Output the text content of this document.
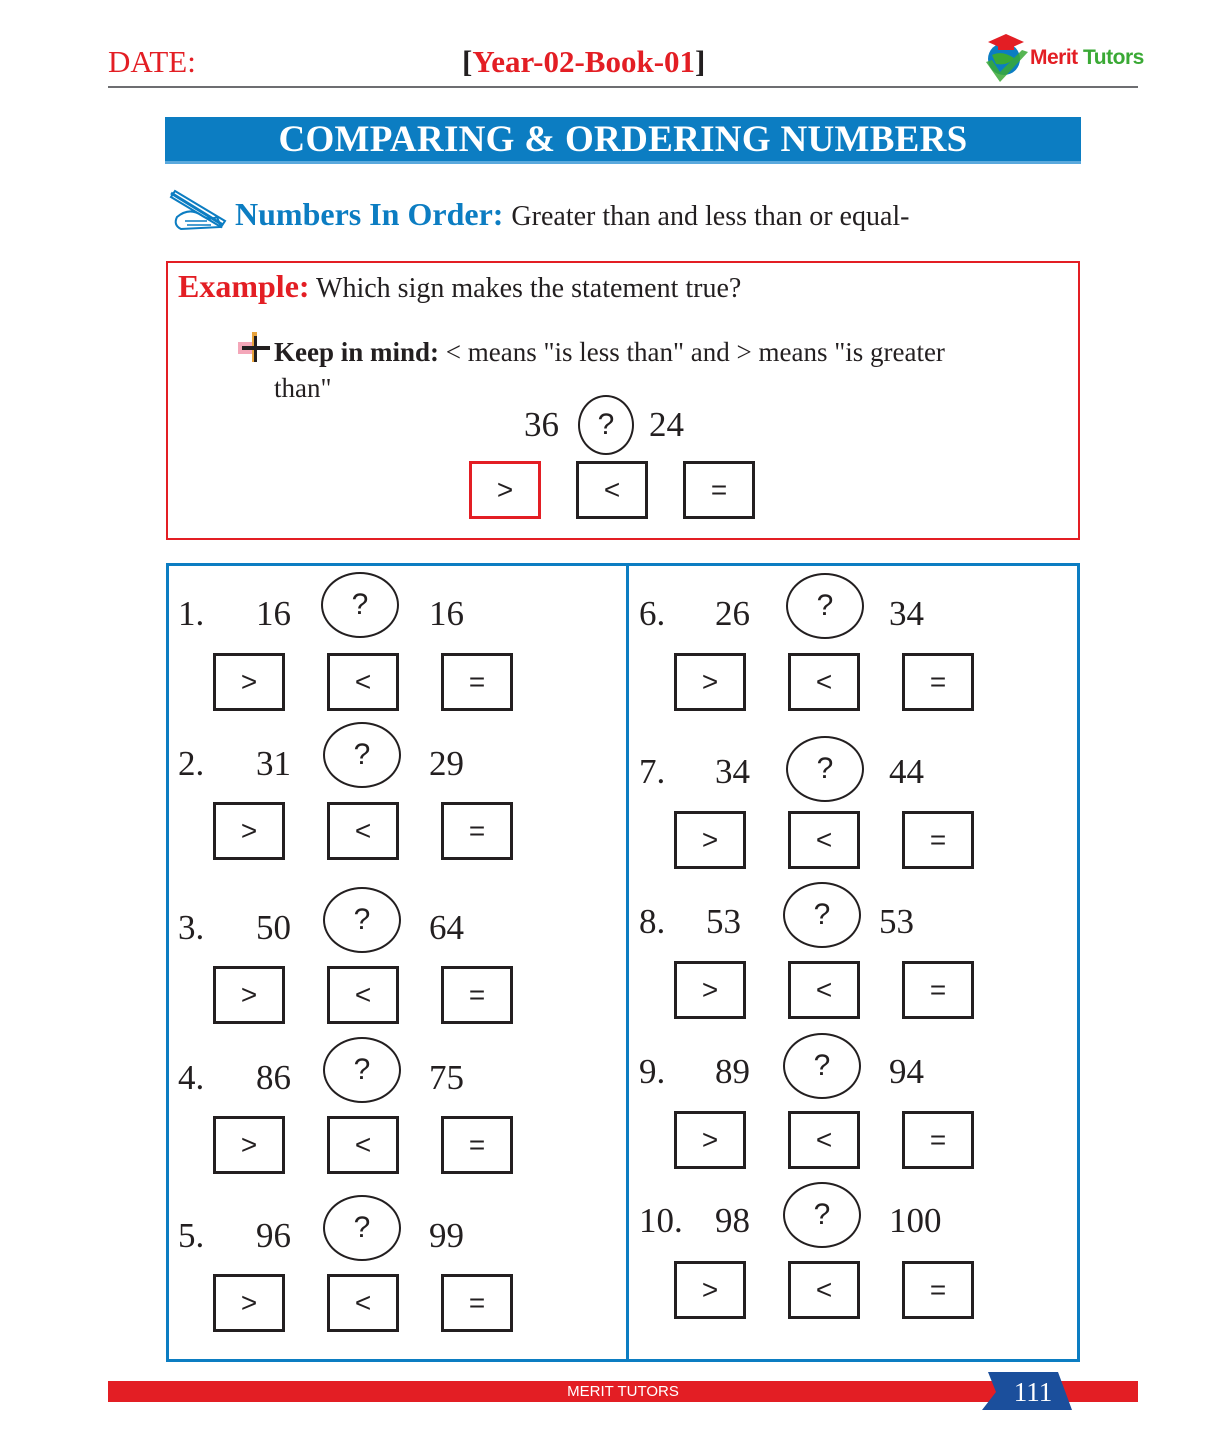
DATE:	[Year-02-Book-01]	Merit Tutors
COMPARING & ORDERING NUMBERS
Numbers In Order: Greater than and less than or equal-
Example: Which sign makes the statement true?
Keep in mind: < means "is less than" and > means "is greater than"
36	? 24
>	<	=
1. 16	?	16
>	<	=
2. 31	?	29
>	<	=
3. 50	?	64
>	<	=
4. 86	?	75
>	<	=
5. 96	?	99
>	<	=
6. 26	?	34
>	<	=
7. 34	?	44
>	<	=
8. 53	?	53
>	<	=
9. 89	?	94
>	<	=
10. 98	?	100
>	<	=
MERIT TUTORS	111
